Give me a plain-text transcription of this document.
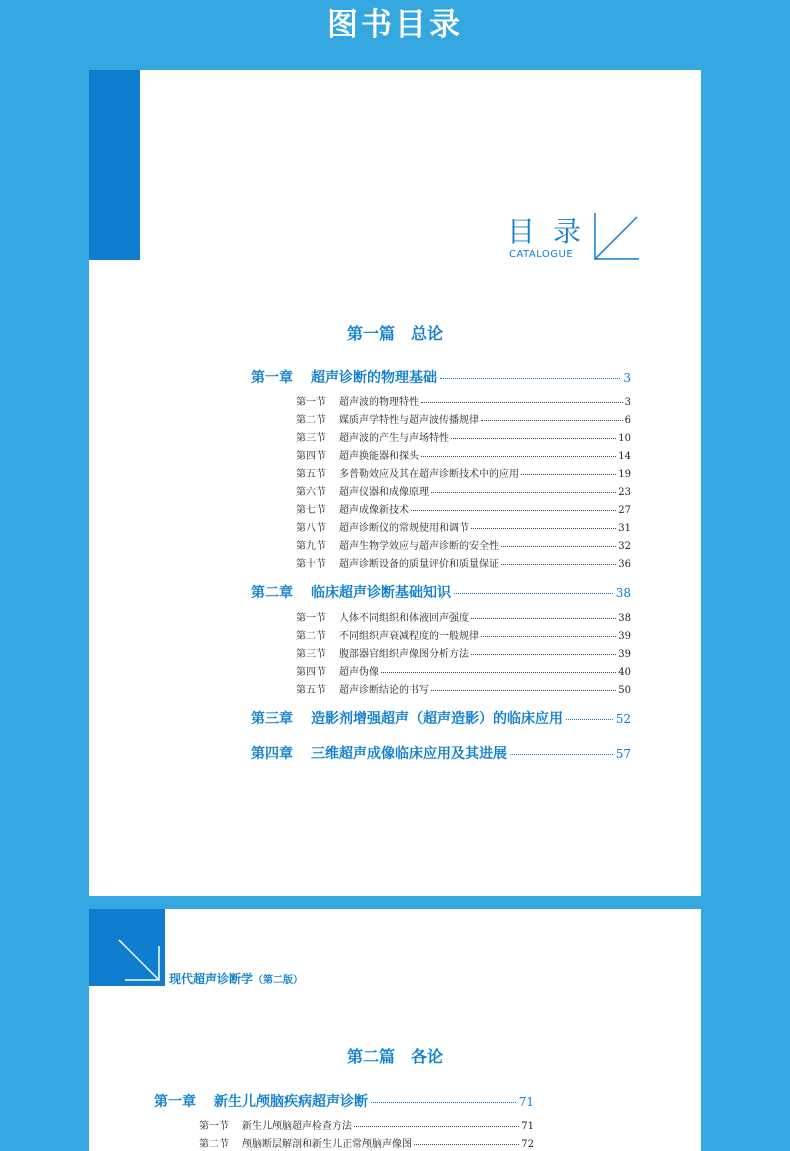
图书目录
目录
CATALOGUE
第一篇　总论
第一章	超声诊断的物理基础	3
第一节	超声波的物理特性	3
第二节	媒质声学特性与超声波传播规律	6
第三节	超声波的产生与声场特性	10
第四节	超声换能器和探头	14
第五节	多普勒效应及其在超声诊断技术中的应用	19
第六节	超声仪器和成像原理	23
第七节	超声成像新技术	27
第八节	超声诊断仪的常规使用和调节	31
第九节	超声生物学效应与超声诊断的安全性	32
第十节	超声诊断设备的质量评价和质量保证	36
第二章	临床超声诊断基础知识	38
第一节	人体不同组织和体液回声强度	38
第二节	不同组织声衰减程度的一般规律	39
第三节	腹部器官组织声像图分析方法	39
第四节	超声伪像	40
第五节	超声诊断结论的书写	50
第三章	造影剂增强超声（超声造影）的临床应用	52
第四章	三维超声成像临床应用及其进展	57
现代超声诊断学（第二版）
第二篇　各论
第一章	新生儿颅脑疾病超声诊断	71
第一节	新生儿颅脑超声检查方法	71
第二节	颅脑断层解剖和新生儿正常颅脑声像图	72
